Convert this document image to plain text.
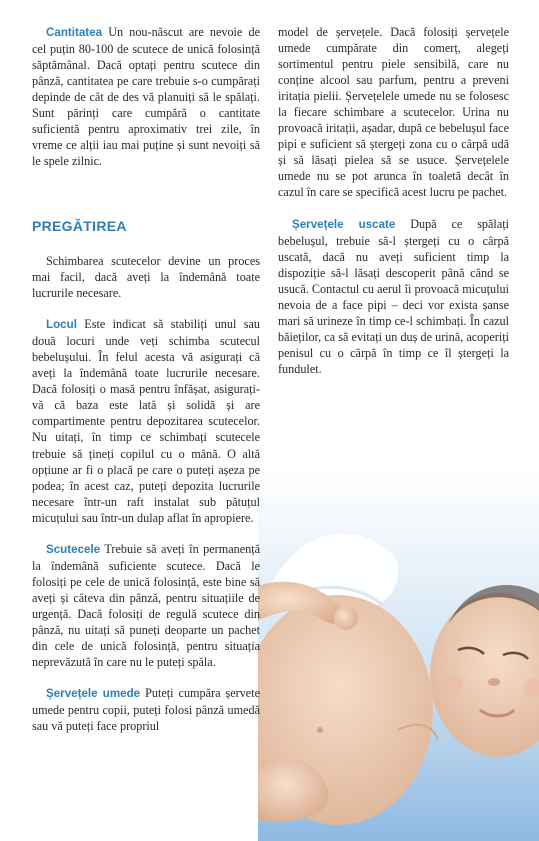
Cantitatea Un nou-născut are nevoie de cel puțin 80-100 de scutece de unică folosință săptămânal. Dacă optați pentru scutece din pânză, cantitatea pe care trebuie s-o cumpărați depinde de cât de des vă planuiți să le spălați. Sunt părinți care cumpără o cantitate suficientă pentru aproximativ trei zile, în vreme ce alții iau mai puține și sunt nevoiți să le spele zilnic.

PREGĂTIREA

Schimbarea scutecelor devine un proces mai facil, dacă aveți la îndemână toate lucrurile necesare.

Locul Este indicat să stabiliți unul sau două locuri unde veți schimba scutecul bebelușului. În felul acesta vă asigurați că aveți la îndemână toate lucrurile necesare. Dacă folosiți o masă pentru înfășat, asigurați-vă că baza este lată și solidă și are compartimente pentru depozitarea scutecelor. Nu uitați, în timp ce schimbați scutecele trebuie să țineți copilul cu o mână. O altă opțiune ar fi o placă pe care o puteți așeza pe podea; în acest caz, puteți depozita lucrurile necesare într-un raft instalat sub pătuțul micuțului sau într-un dulap aflat în apropiere.

Scutecele Trebuie să aveți în permanență la îndemână suficiente scutece. Dacă le folosiți pe cele de unică folosință, este bine să aveți și câteva din pânză, pentru situațiile de urgență. Dacă folosiți de regulă scutece din pânză, nu uitați să puneți deoparte un pachet din cele de unică folosință, pentru situația neprevăzută în care nu le puteți spăla.

Șervețele umede Puteți cumpăra șervete umede pentru copii, puteți folosi pânză umedă sau vă puteți face propriul

model de șervețele. Dacă folosiți șervețele umede cumpărate din comerț, alegeți sortimentul pentru piele sensibilă, care nu conține alcool sau parfum, pentru a preveni iritația pielii. Șervețelele umede nu se folosesc la fiecare schimbare a scutecelor. Urina nu provoacă iritații, așadar, după ce bebelușul face pipi e suficient să ștergeți zona cu o cârpă udă și să lăsați pielea să se usuce. Șervețelele umede nu se pot arunca în toaletă decât în cazul în care se specifică acest lucru pe pachet.

Șervețele uscate După ce spălați bebelușul, trebuie să-l ștergeți cu o cârpă uscată, dacă nu aveți suficient timp la dispoziție să-l lăsați descoperit până când se usucă. Contactul cu aerul îi provoacă micuțului nevoia de a face pipi – deci vor exista șanse mari să urineze în timp ce-l schimbați. În cazul băieților, ca să evitați un duș de urină, acoperiți penisul cu o cârpă în timp ce îl ștergeți la fundulet.
